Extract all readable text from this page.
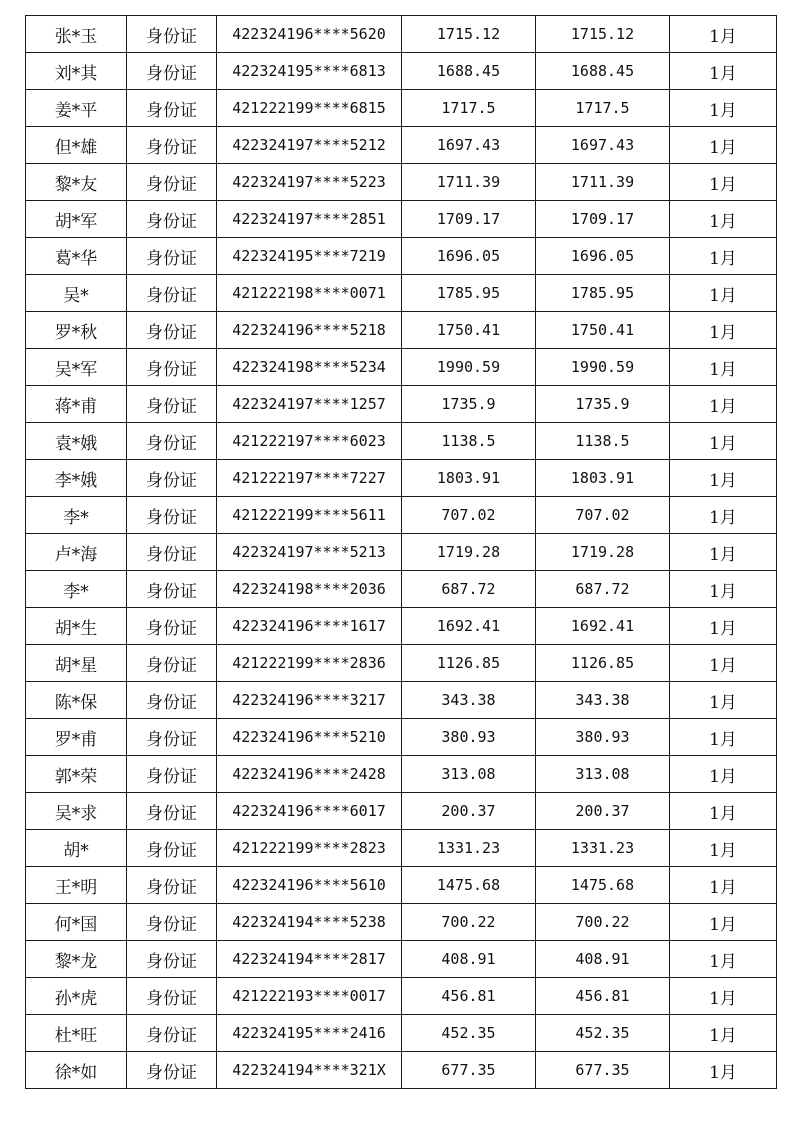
张*玉	身份证	422324196****5620	1715.12	1715.12	1月
刘*其	身份证	422324195****6813	1688.45	1688.45	1月
姜*平	身份证	421222199****6815	1717.5	1717.5	1月
但*雄	身份证	422324197****5212	1697.43	1697.43	1月
黎*友	身份证	422324197****5223	1711.39	1711.39	1月
胡*军	身份证	422324197****2851	1709.17	1709.17	1月
葛*华	身份证	422324195****7219	1696.05	1696.05	1月
吴*	身份证	421222198****0071	1785.95	1785.95	1月
罗*秋	身份证	422324196****5218	1750.41	1750.41	1月
吴*军	身份证	422324198****5234	1990.59	1990.59	1月
蒋*甫	身份证	422324197****1257	1735.9	1735.9	1月
袁*娥	身份证	421222197****6023	1138.5	1138.5	1月
李*娥	身份证	421222197****7227	1803.91	1803.91	1月
李*	身份证	421222199****5611	707.02	707.02	1月
卢*海	身份证	422324197****5213	1719.28	1719.28	1月
李*	身份证	422324198****2036	687.72	687.72	1月
胡*生	身份证	422324196****1617	1692.41	1692.41	1月
胡*星	身份证	421222199****2836	1126.85	1126.85	1月
陈*保	身份证	422324196****3217	343.38	343.38	1月
罗*甫	身份证	422324196****5210	380.93	380.93	1月
郭*荣	身份证	422324196****2428	313.08	313.08	1月
吴*求	身份证	422324196****6017	200.37	200.37	1月
胡*	身份证	421222199****2823	1331.23	1331.23	1月
王*明	身份证	422324196****5610	1475.68	1475.68	1月
何*国	身份证	422324194****5238	700.22	700.22	1月
黎*龙	身份证	422324194****2817	408.91	408.91	1月
孙*虎	身份证	421222193****0017	456.81	456.81	1月
杜*旺	身份证	422324195****2416	452.35	452.35	1月
徐*如	身份证	422324194****321X	677.35	677.35	1月
